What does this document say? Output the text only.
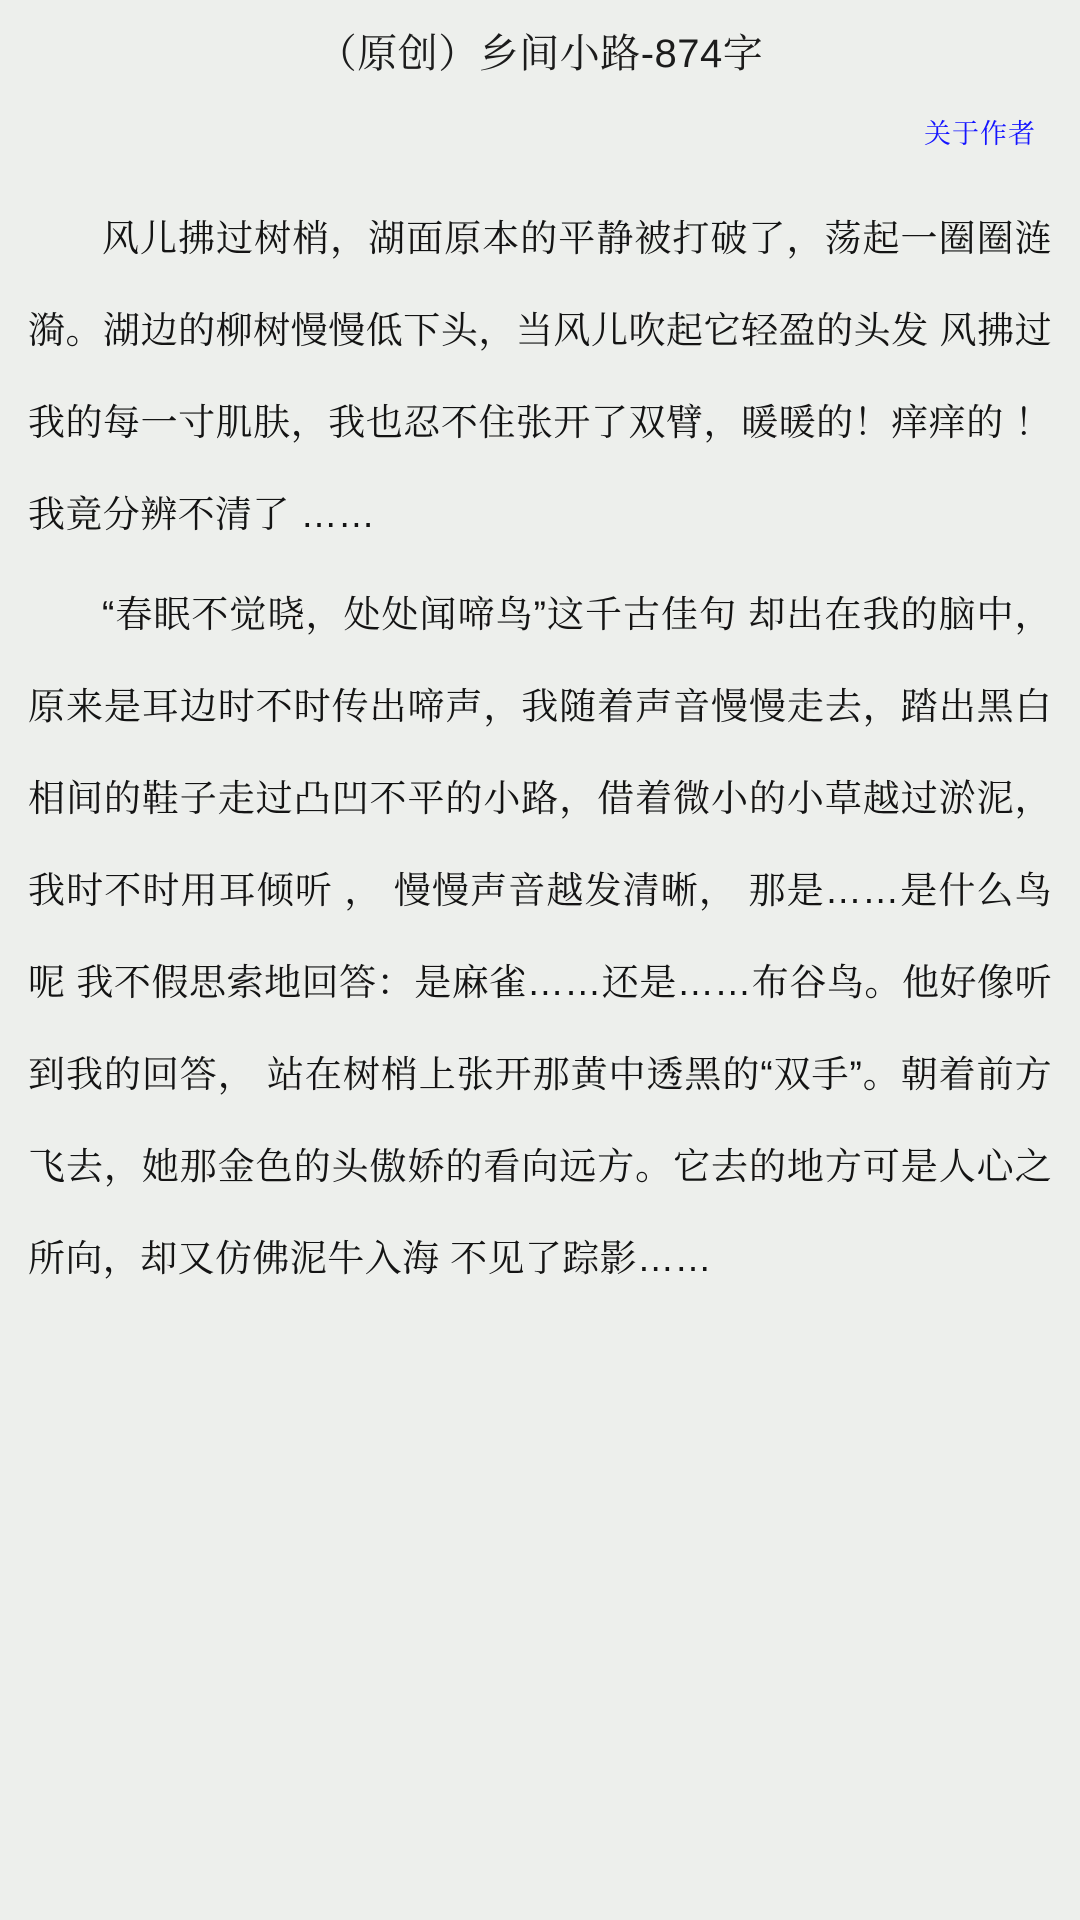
（原创）乡间小路-874字
关于作者

风儿拂过树梢，湖面原本的平静被打破了，荡起一圈圈涟漪。湖边的柳树慢慢低下头，当风儿吹起它轻盈的头发 风拂过我的每一寸肌肤，我也忍不住张开了双臂，暖暖的！痒痒的 ！ 我竟分辨不清了 ……

“春眠不觉晓，处处闻啼鸟”这千古佳句 却出在我的脑中，原来是耳边时不时传出啼声，我随着声音慢慢走去，踏出黑白相间的鞋子走过凸凹不平的小路，借着微小的小草越过淤泥，我时不时用耳倾听 ， 慢慢声音越发清晰， 那是……是什么鸟呢 我不假思索地回答：是麻雀……还是……布谷鸟。他好像听到我的回答， 站在树梢上张开那黄中透黑的“双手”。朝着前方飞去，她那金色的头傲娇的看向远方。它去的地方可是人心之所向，却又仿佛泥牛入海 不见了踪影……
